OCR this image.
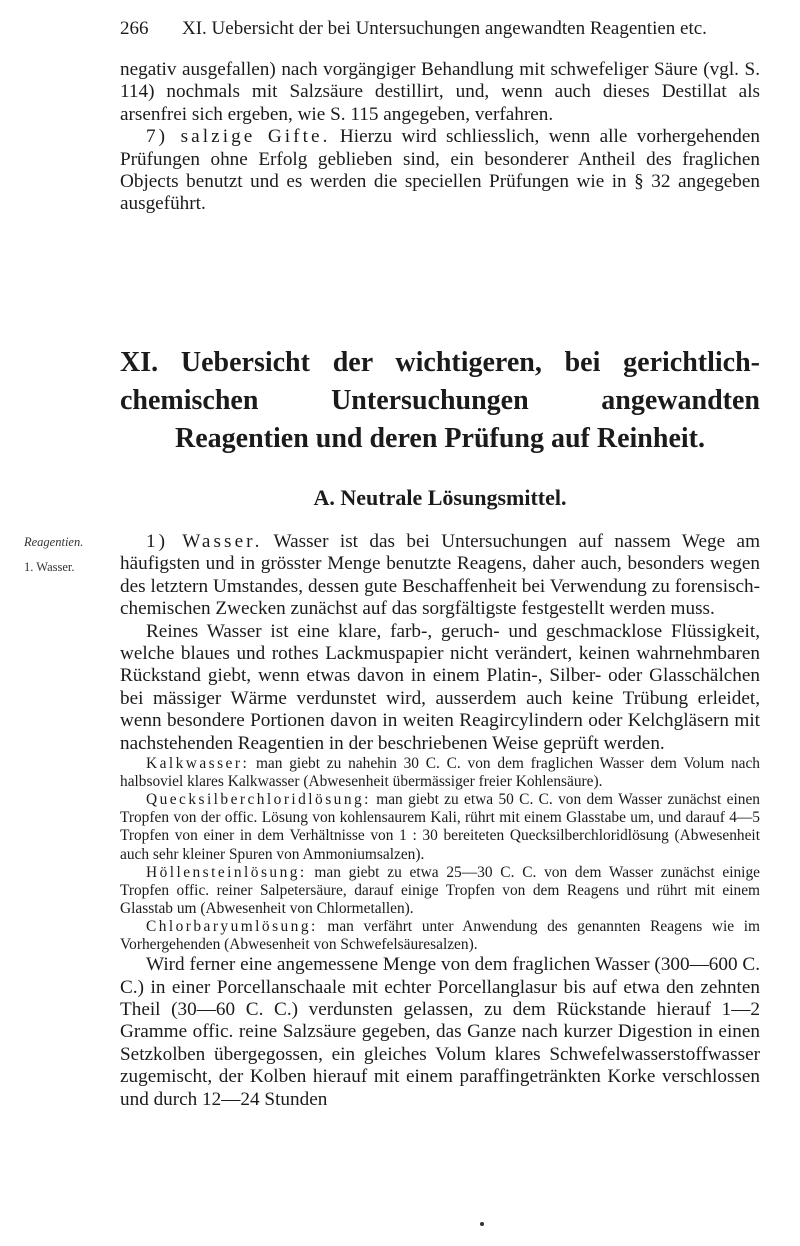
266 XI. Uebersicht der bei Untersuchungen angewandten Reagentien etc.

negativ ausgefallen) nach vorgängiger Behandlung mit schwefeliger Säure (vgl. S. 114) nochmals mit Salzsäure destillirt, und, wenn auch dieses Destillat als arsenfrei sich ergeben, wie S. 115 angegeben, verfahren.

7) salzige Gifte. Hierzu wird schliesslich, wenn alle vorhergehenden Prüfungen ohne Erfolg geblieben sind, ein besonderer Antheil des fraglichen Objects benutzt und es werden die speciellen Prüfungen wie in § 32 angegeben ausgeführt.

XI. Uebersicht der wichtigeren, bei gerichtlich-chemischen Untersuchungen angewandten Reagentien und deren Prüfung auf Reinheit.
A. Neutrale Lösungsmittel.
Reagentien.
1. Wasser.

1) Wasser. Wasser ist das bei Untersuchungen auf nassem Wege am häufigsten und in grösster Menge benutzte Reagens, daher auch, besonders wegen des letztern Umstandes, dessen gute Beschaffenheit bei Verwendung zu forensisch-chemischen Zwecken zunächst auf das sorgfältigste festgestellt werden muss.

Reines Wasser ist eine klare, farb-, geruch- und geschmacklose Flüssigkeit, welche blaues und rothes Lackmuspapier nicht verändert, keinen wahrnehmbaren Rückstand giebt, wenn etwas davon in einem Platin-, Silber- oder Glasschälchen bei mässiger Wärme verdunstet wird, ausserdem auch keine Trübung erleidet, wenn besondere Portionen davon in weiten Reagircylindern oder Kelchgläsern mit nachstehenden Reagentien in der beschriebenen Weise geprüft werden.

Kalkwasser: man giebt zu nahehin 30 C. C. von dem fraglichen Wasser dem Volum nach halbsoviel klares Kalkwasser (Abwesenheit übermässiger freier Kohlensäure).

Quecksilberchloridlösung: man giebt zu etwa 50 C. C. von dem Wasser zunächst einen Tropfen von der offic. Lösung von kohlensaurem Kali, rührt mit einem Glasstabe um, und darauf 4—5 Tropfen von einer in dem Verhältnisse von 1 : 30 bereiteten Quecksilberchloridlösung (Abwesenheit auch sehr kleiner Spuren von Ammoniumsalzen).

Höllensteinlösung: man giebt zu etwa 25—30 C. C. von dem Wasser zunächst einige Tropfen offic. reiner Salpetersäure, darauf einige Tropfen von dem Reagens und rührt mit einem Glasstab um (Abwesenheit von Chlormetallen).

Chlorbaryumlösung: man verfährt unter Anwendung des genannten Reagens wie im Vorhergehenden (Abwesenheit von Schwefelsäuresalzen).

Wird ferner eine angemessene Menge von dem fraglichen Wasser (300—600 C. C.) in einer Porcellanschaale mit echter Porcellanglasur bis auf etwa den zehnten Theil (30—60 C. C.) verdunsten gelassen, zu dem Rückstande hierauf 1—2 Gramme offic. reine Salzsäure gegeben, das Ganze nach kurzer Digestion in einen Setzkolben übergegossen, ein gleiches Volum klares Schwefelwasserstoffwasser zugemischt, der Kolben hierauf mit einem paraffingetränkten Korke verschlossen und durch 12—24 Stunden
